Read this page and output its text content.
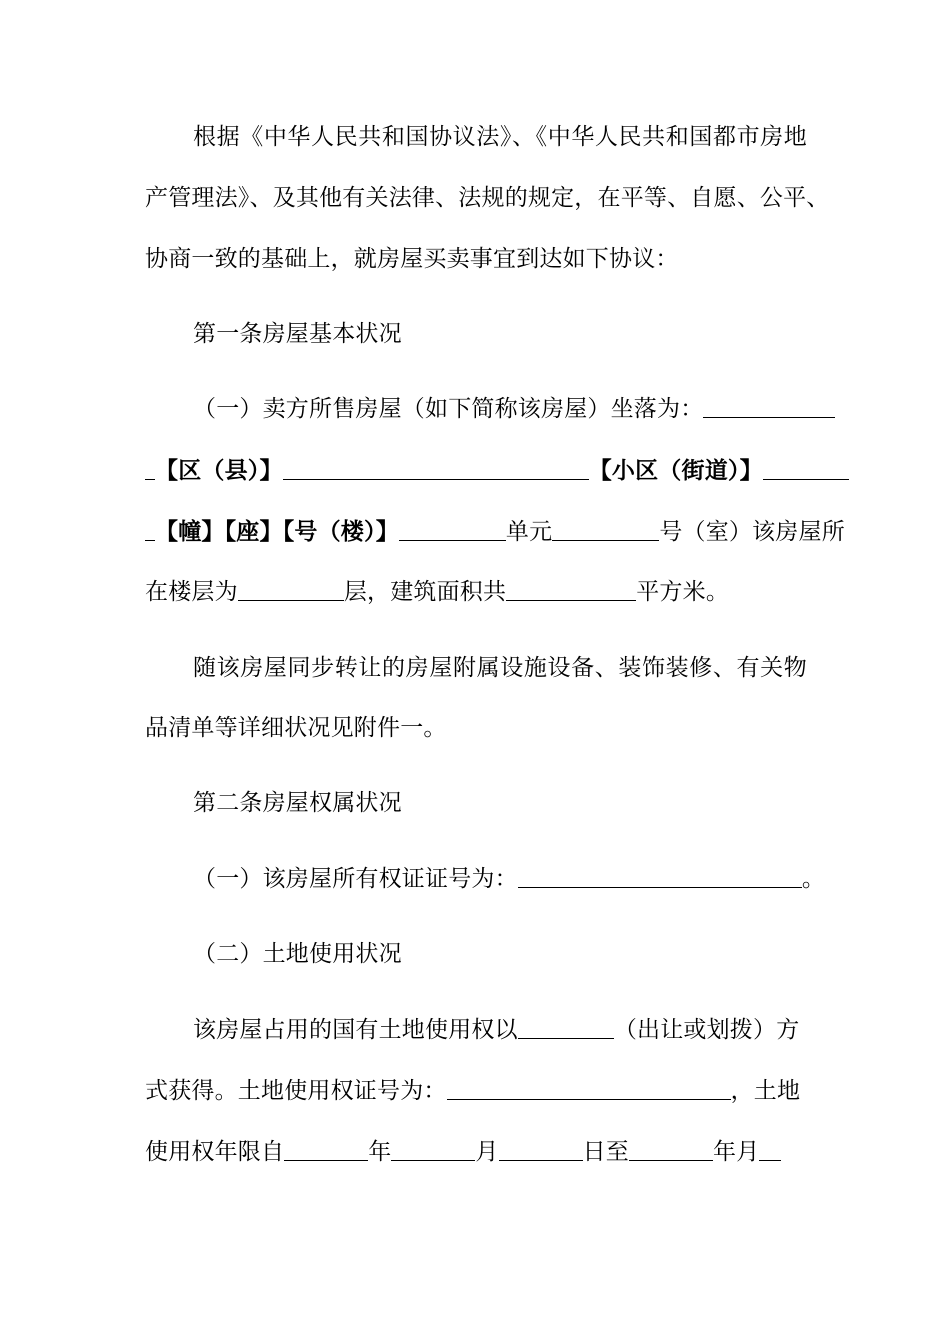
根据《中华人民共和国协议法》、《中华人民共和国都市房地
产管理法》、及其他有关法律、法规的规定，在平等、自愿、公平、
协商一致的基础上，就房屋买卖事宜到达如下协议：
第一条房屋基本状况
（一）卖方所售房屋（如下简称该房屋）坐落为：
【区（县）】	【小区（街道）】
【幢】【座】【号（楼）】	单元	号（室）该房屋所
在楼层为	层，建筑面积共	平方米。
随该房屋同步转让的房屋附属设施设备、装饰装修、有关物
品清单等详细状况见附件一。
第二条房屋权属状况
（一）该房屋所有权证证号为：	。
（二）土地使用状况
该房屋占用的国有土地使用权以	（出让或划拨）方
式获得。土地使用权证号为：	，土地
使用权年限自	年	月	日至	年月
